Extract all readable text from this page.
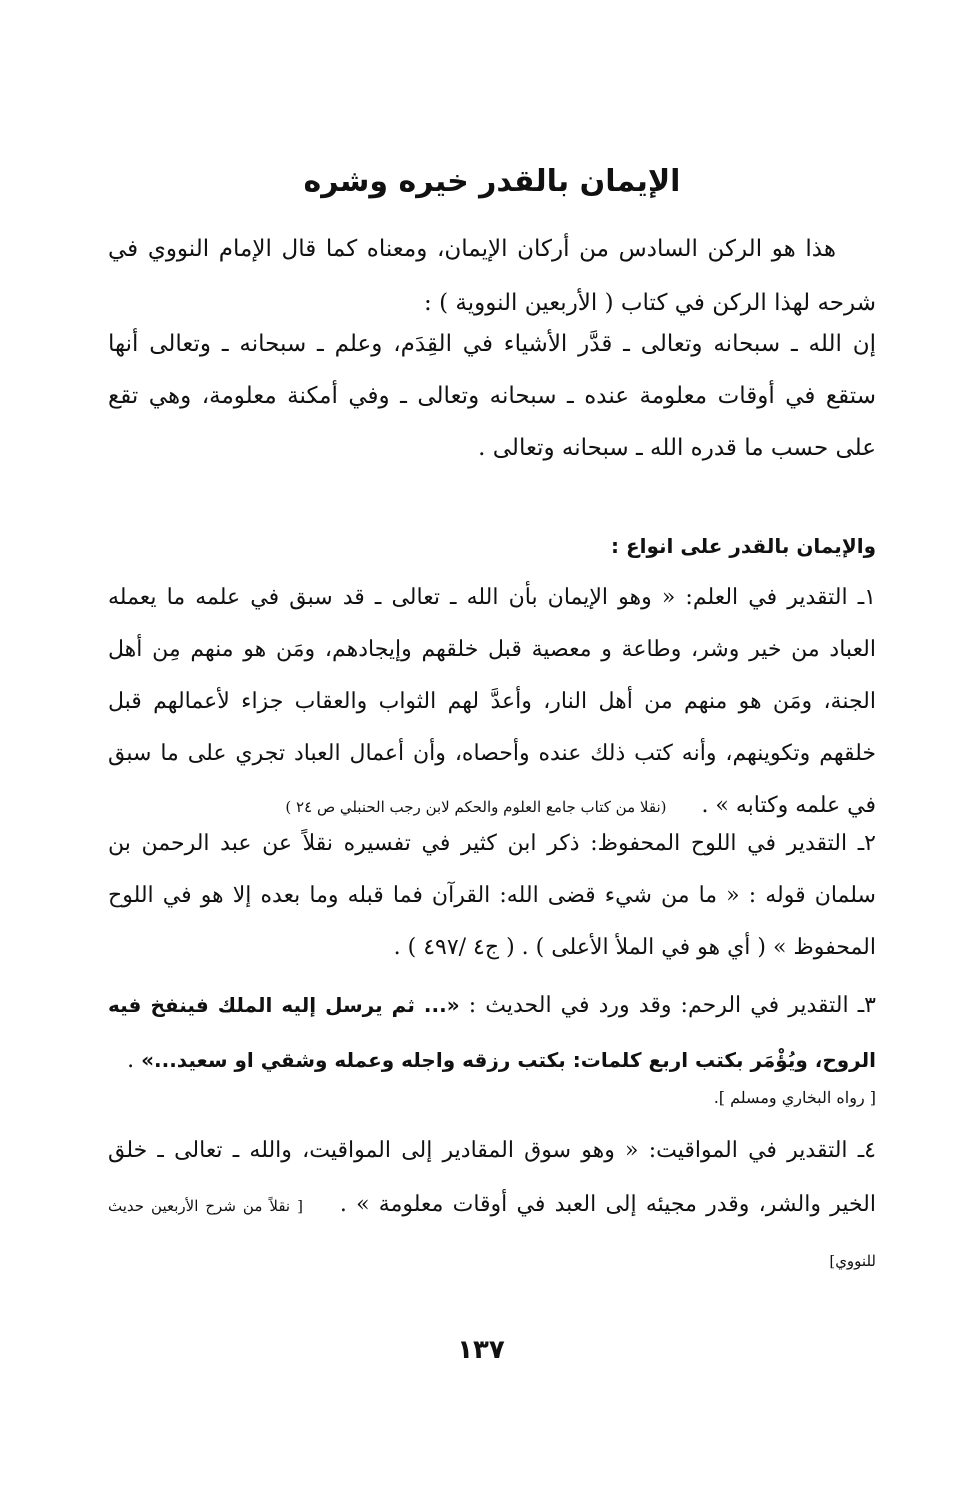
الإيمان بالقدر خيره وشره
هذا هو الركن السادس من أركان الإيمان، ومعناه كما قال الإمام النووي في شرحه لهذا الركن في كتاب ( الأربعين النووية ) :
إن الله ـ سبحانه وتعالى ـ قدَّر الأشياء في القِدَم، وعلم ـ سبحانه ـ وتعالى أنها ستقع في أوقات معلومة عنده ـ سبحانه وتعالى ـ وفي أمكنة معلومة، وهي تقع على حسب ما قدره الله ـ سبحانه وتعالى .
والإيمان بالقدر على انواع :
١ـ التقدير في العلم: « وهو الإيمان بأن الله ـ تعالى ـ قد سبق في علمه ما يعمله العباد من خير وشر، وطاعة و معصية قبل خلقهم وإيجادهم، ومَن هو منهم مِن أهل الجنة، ومَن هو منهم من أهل النار، وأعدَّ لهم الثواب والعقاب جزاء لأعمالهم قبل خلقهم وتكوينهم، وأنه كتب ذلك عنده وأحصاه، وأن أعمال العباد تجري على ما سبق في علمه وكتابه » .     (نقلا من كتاب جامع العلوم والحكم لابن رجب الحنبلي ص ٢٤ )
٢ـ التقدير في اللوح المحفوظ: ذكر ابن كثير في تفسيره نقلاً عن عبد الرحمن بن سلمان قوله : « ما من شيء قضى الله: القرآن فما قبله وما بعده إلا هو في اللوح المحفوظ » ( أي هو في الملأ الأعلى ) . ( ج٤ /٤٩٧ ) .
٣ـ التقدير في الرحم: وقد ورد في الحديث : «... ثم يرسل إليه الملك فينفخ فيه الروح، ويُؤْمَر بكتب اربع كلمات: بكتب رزقه واجله وعمله وشقي او سعيد...» .
[ رواه البخاري ومسلم ].
٤ـ التقدير في المواقيت: « وهو سوق المقادير إلى المواقيت، والله ـ تعالى ـ خلق الخير والشر، وقدر مجيئه إلى العبد في أوقات معلومة » .    [ نقلاً من شرح الأربعين حديث للنووي]
١٣٧
